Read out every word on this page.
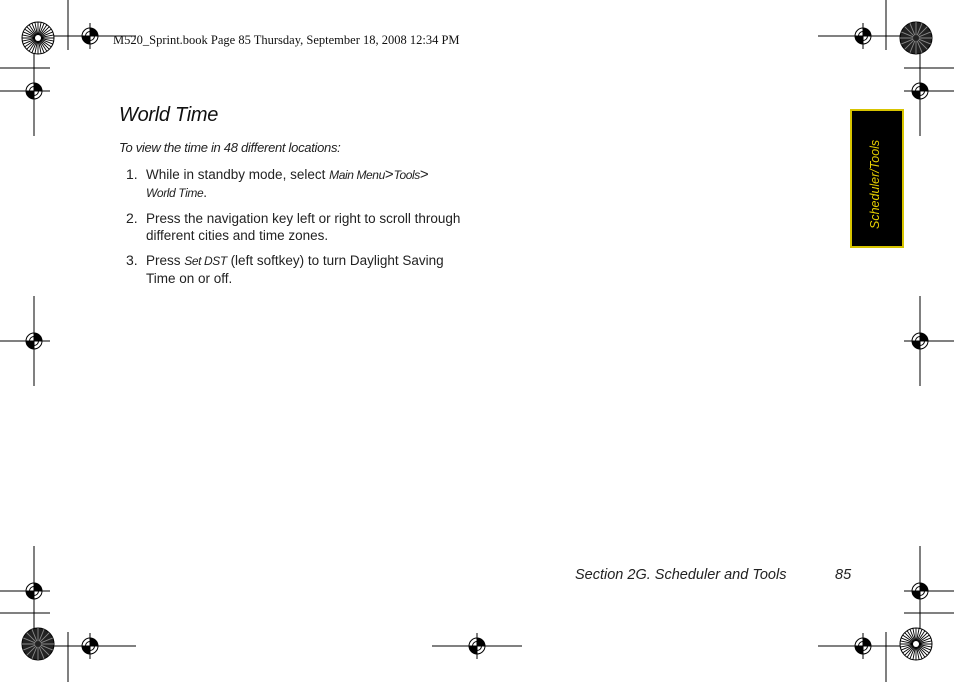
M520_Sprint.book Page 85 Thursday, September 18, 2008 12:34 PM
World Time
To view the time in 48 different locations:
1. While in standby mode, select Main Menu>Tools>
World Time.
2. Press the navigation key left or right to scroll through different cities and time zones.
3. Press Set DST (left softkey) to turn Daylight Saving Time on or off.
Scheduler/Tools
Section 2G. Scheduler and Tools	85
